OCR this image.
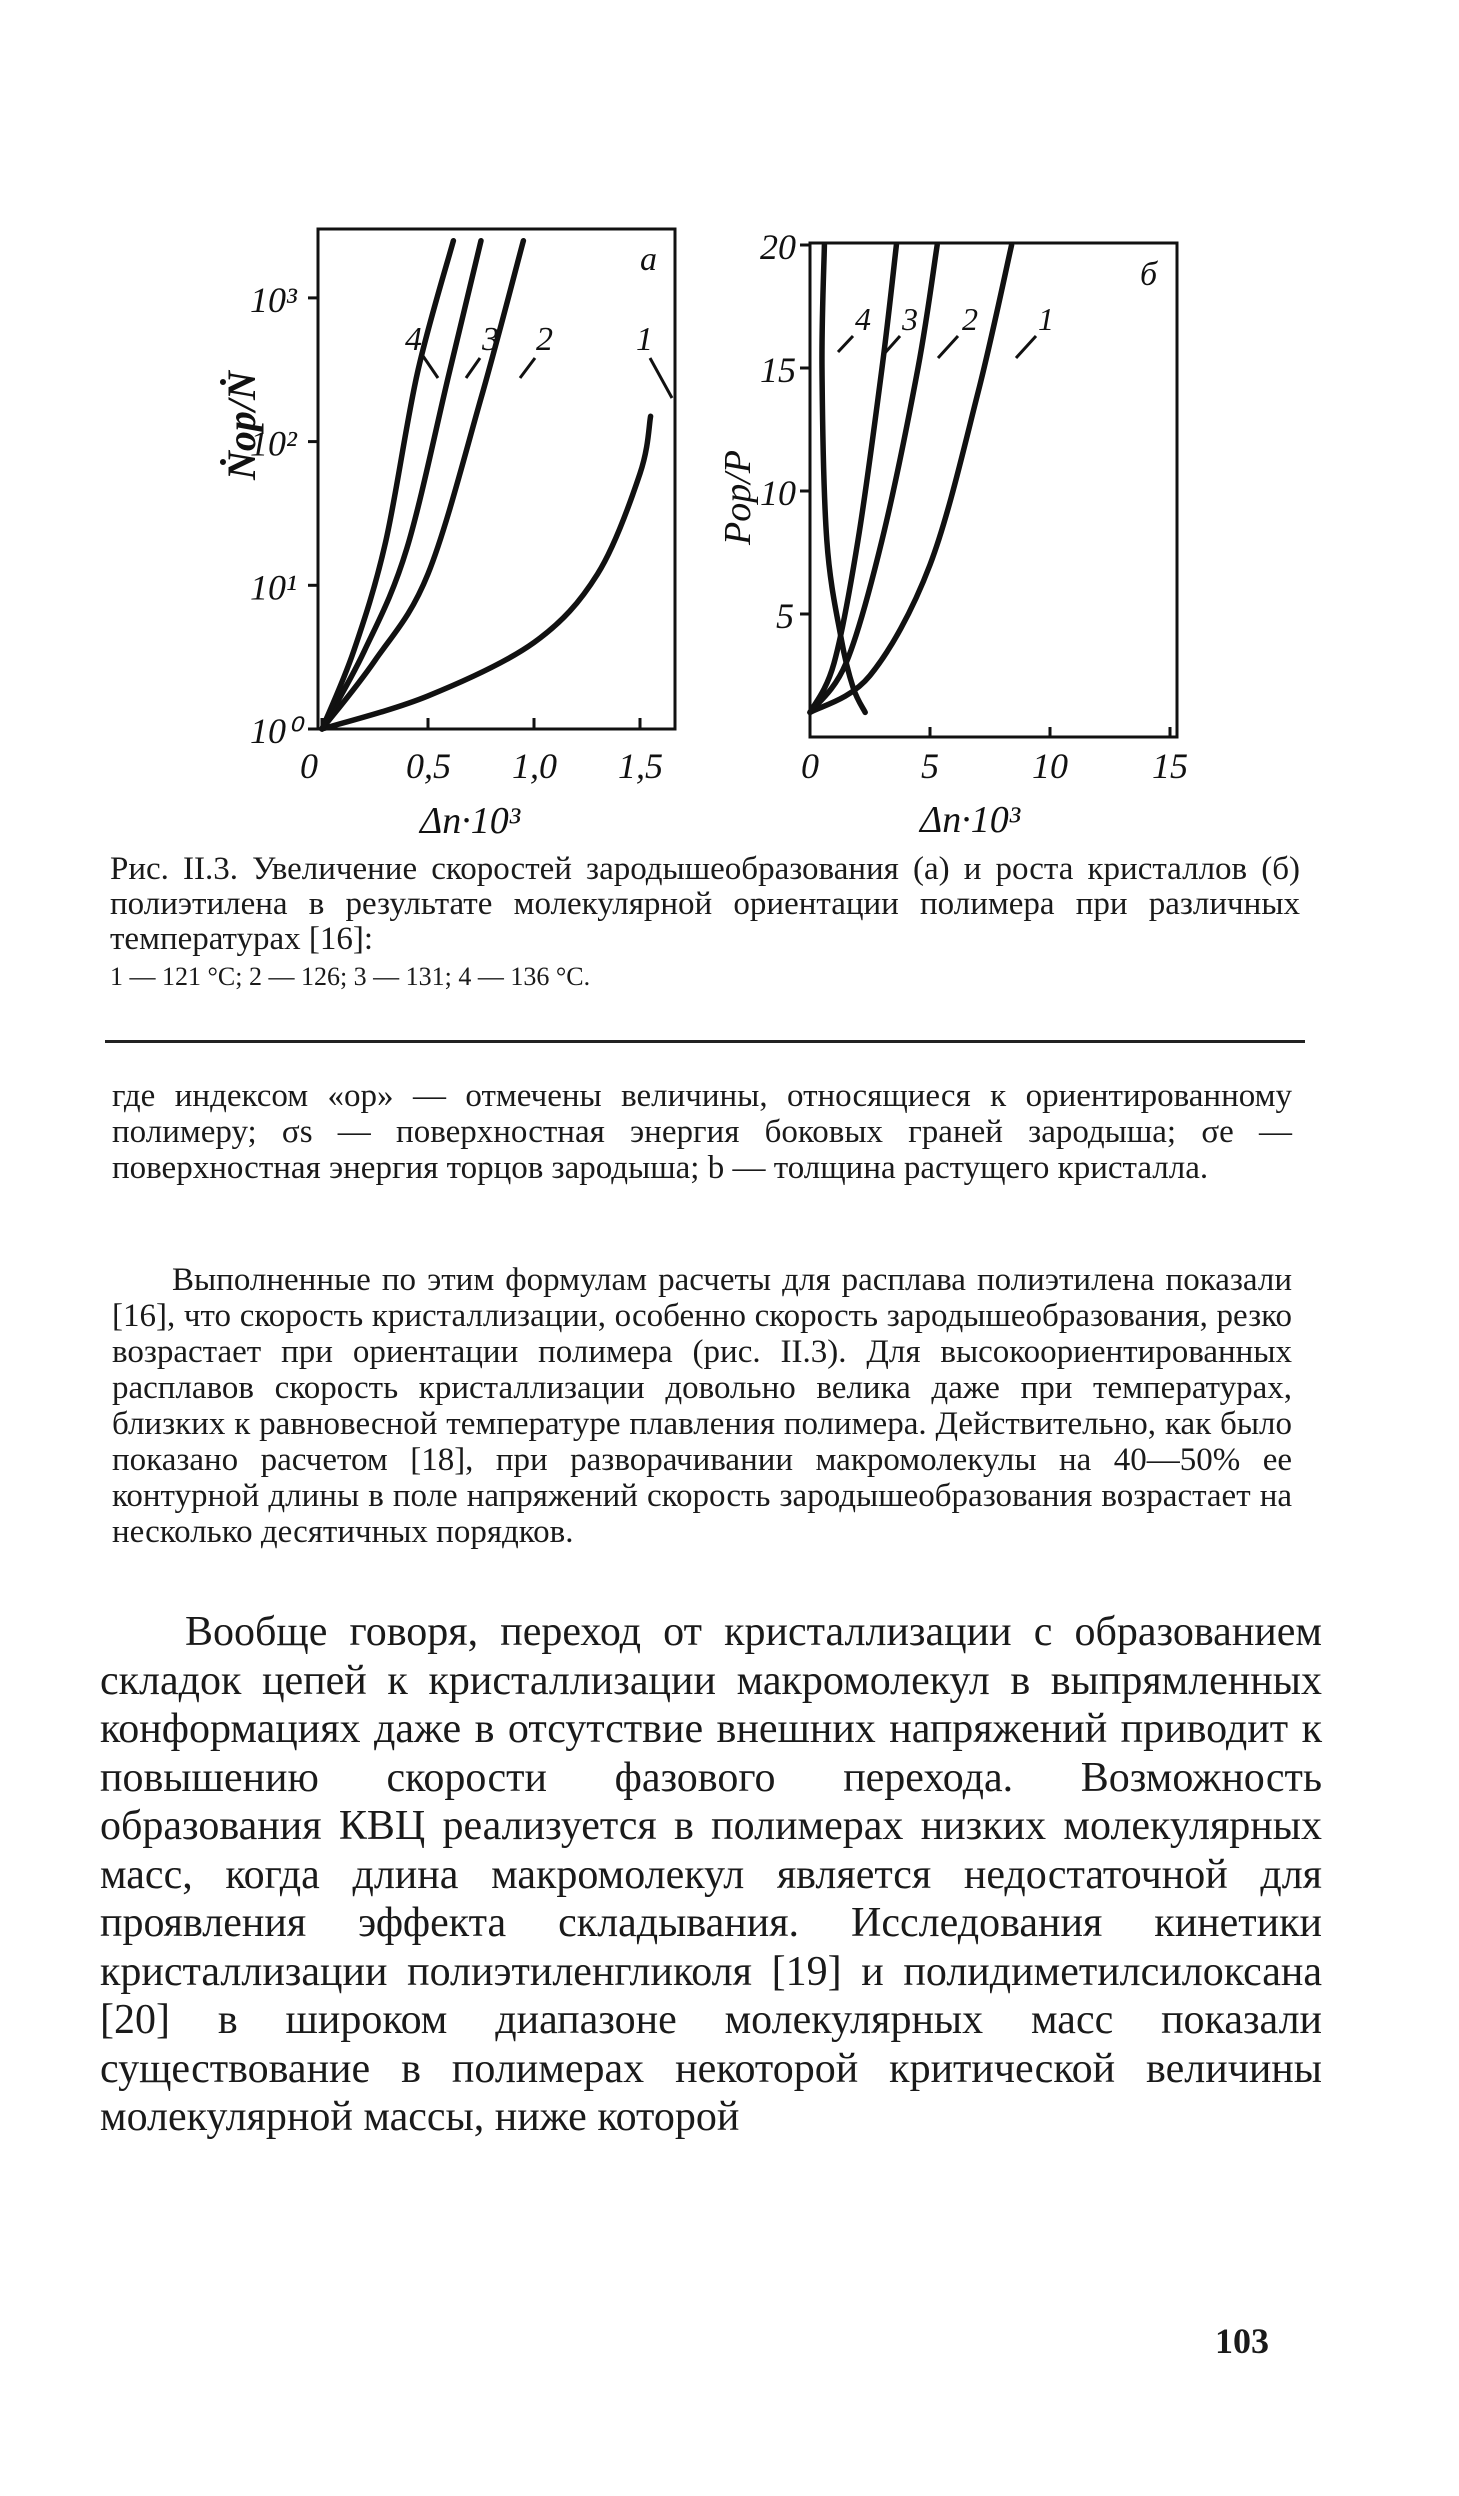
10⁰
10¹
10²
10³
0 0,5 1,0 1,5
а
Ṅор/Ṅ
Δn·10³
4 3 2 1
5
10
15
20
0	5	10 15
б
Pор/P
Δn·10³
4 3 2 1
Рис. II.3. Увеличение скоростей зародышеобразования (а) и роста кристаллов (б) полиэтилена в результате молекулярной ориентации полимера при различных температурах [16]:
1 — 121 °С; 2 — 126; 3 — 131; 4 — 136 °С.
где индексом «ор» — отмечены величины, относящиеся к ориентированному полимеру; σs — поверхностная энергия боковых граней зародыша; σe — поверхностная энергия торцов зародыша; b — толщина растущего кристалла.
Выполненные по этим формулам расчеты для расплава полиэтилена показали [16], что скорость кристаллизации, особенно скорость зародышеобразования, резко возрастает при ориентации полимера (рис. II.3). Для высокоориентированных расплавов скорость кристаллизации довольно велика даже при температурах, близких к равновесной температуре плавления полимера. Действительно, как было показано расчетом [18], при разворачивании макромолекулы на 40—50% ее контурной длины в поле напряжений скорость зародышеобразования возрастает на несколько десятичных порядков.
Вообще говоря, переход от кристаллизации с образованием складок цепей к кристаллизации макромолекул в выпрямленных конформациях даже в отсутствие внешних напряжений приводит к повышению скорости фазового перехода. Возможность образования КВЦ реализуется в полимерах низких молекулярных масс, когда длина макромолекул является недостаточной для проявления эффекта складывания. Исследования кинетики кристаллизации полиэтиленгликоля [19] и полидиметилсилоксана [20] в широком диапазоне молекулярных масс показали существование в полимерах некоторой критической величины молекулярной массы, ниже которой
103
